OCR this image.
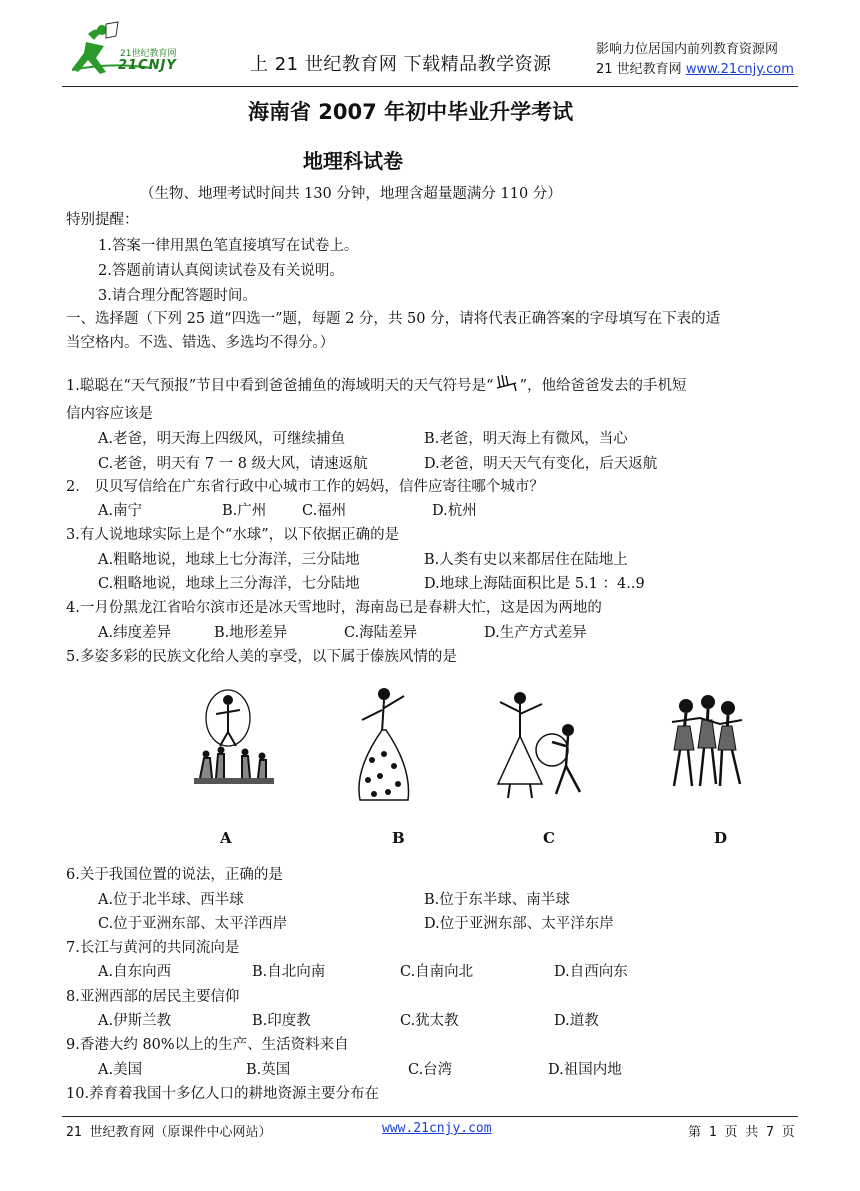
21世纪教育网
21CNJY	上 21 世纪教育网 下载精品教学资源
影响力位居国内前列教育资源网
21 世纪教育网 www.21cnjy.com
海南省 2007 年初中毕业升学考试
地理科试卷
（生物、地理考试时间共 130 分钟，地理含超量题满分 110 分）
特别提醒：
1.答案一律用黑色笔直接填写在试卷上。
2.答题前请认真阅读试卷及有关说明。
3.请合理分配答题时间。
一、选择题（下列 25 道“四选一”题，每题 2 分，共 50 分，请将代表正确答案的字母填写在下表的适
当空格内。不选、错选、多选均不得分。）
1.聪聪在“天气预报”节目中看到爸爸捕鱼的海域明天的天气符号是“ ”，他给爸爸发去的手机短
信内容应该是
A.老爸，明天海上四级风，可继续捕鱼	B.老爸，明天海上有微风，当心
C.老爸，明天有 7 一 8 级大风，请速返航	D.老爸，明天天气有变化，后天返航
2． 贝贝写信给在广东省行政中心城市工作的妈妈，信件应寄往哪个城市？
A.南宁	B.广州 C.福州	D.杭州
3.有人说地球实际上是个“水球”，以下依据正确的是
A.粗略地说，地球上七分海洋，三分陆地	B.人类有史以来都居住在陆地上
C.粗略地说，地球上三分海洋，七分陆地	D.地球上海陆面积比是 5.1 ：4..9
4.一月份黑龙江省哈尔滨市还是冰天雪地时，海南岛已是春耕大忙，这是因为两地的
A.纬度差异	B.地形差异	C.海陆差异	D.生产方式差异
5.多姿多彩的民族文化给人美的享受，以下属于傣族风情的是
A	B	C	D
6.关于我国位置的说法，正确的是
A.位于北半球、西半球	B.位于东半球、南半球
C.位于亚洲东部、太平洋西岸	D.位于亚洲东部、太平洋东岸
7.长江与黄河的共同流向是
A.自东向西	B.自北向南	C.自南向北	D.自西向东
8.亚洲西部的居民主要信仰
A.伊斯兰教	B.印度教	C.犹太教	D.道教
9.香港大约 80%以上的生产、生活资料来自
A.美国	B.英国	C.台湾	D.祖国内地
10.养育着我国十多亿人口的耕地资源主要分布在
21 世纪教育网（原课件中心网站）	www.21cnjy.com	第 1 页 共 7 页
